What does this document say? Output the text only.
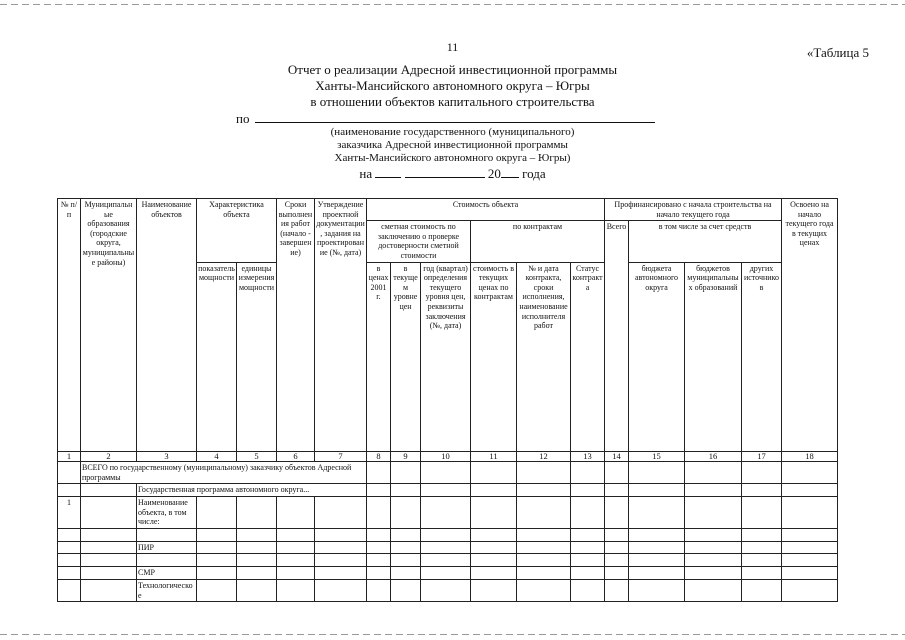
11	«Таблица 5
Отчет о реализации Адресной инвестиционной программы
Ханты-Мансийского автономного округа – Югры
в отношении объектов капитального строительства
по
(наименование государственного (муниципального)
заказчика Адресной инвестиционной программы
Ханты-Мансийского автономного округа – Югры)
на	20 года
№ п/п	Муниципальные образования (городские округа, муниципальные районы)	Наименование объектов	Характеристика объекта		Сроки выполнения работ (начало - завершение)	Утверждение проектной документации, задания на проектирование (№, дата)	Стоимость объекта						Профинансировано с начала строительства на начало текущего года				Освоено на начало текущего года в текущих ценах
							сметная стоимость по заключению о проверке достоверности сметной стоимости			по контрактам			Всего	в том числе за счет средств			
			показатель мощности	единицы измерения мощности			в ценах 2001 г.	в текущем уровне цен	год (квартал) определения текущего уровня цен, реквизиты заключения (№, дата)	стоимость в текущих ценах по контрактам	№ и дата контракта, сроки исполнения, наименование исполнителя работ	Статус контракта		бюджета автономного округа	бюджетов муниципальных образований	других источников	
1	2	3	4	5	6	7	8	9	10	11	12	13	14	15	16	17	18
	ВСЕГО по государственному (муниципальному) заказчику объектов Адресной программы																
		Государственная программа автономного округа...															
1		Наименование объекта, в том числе:															

		ПИР															

		СМР															
		Технологическое															
